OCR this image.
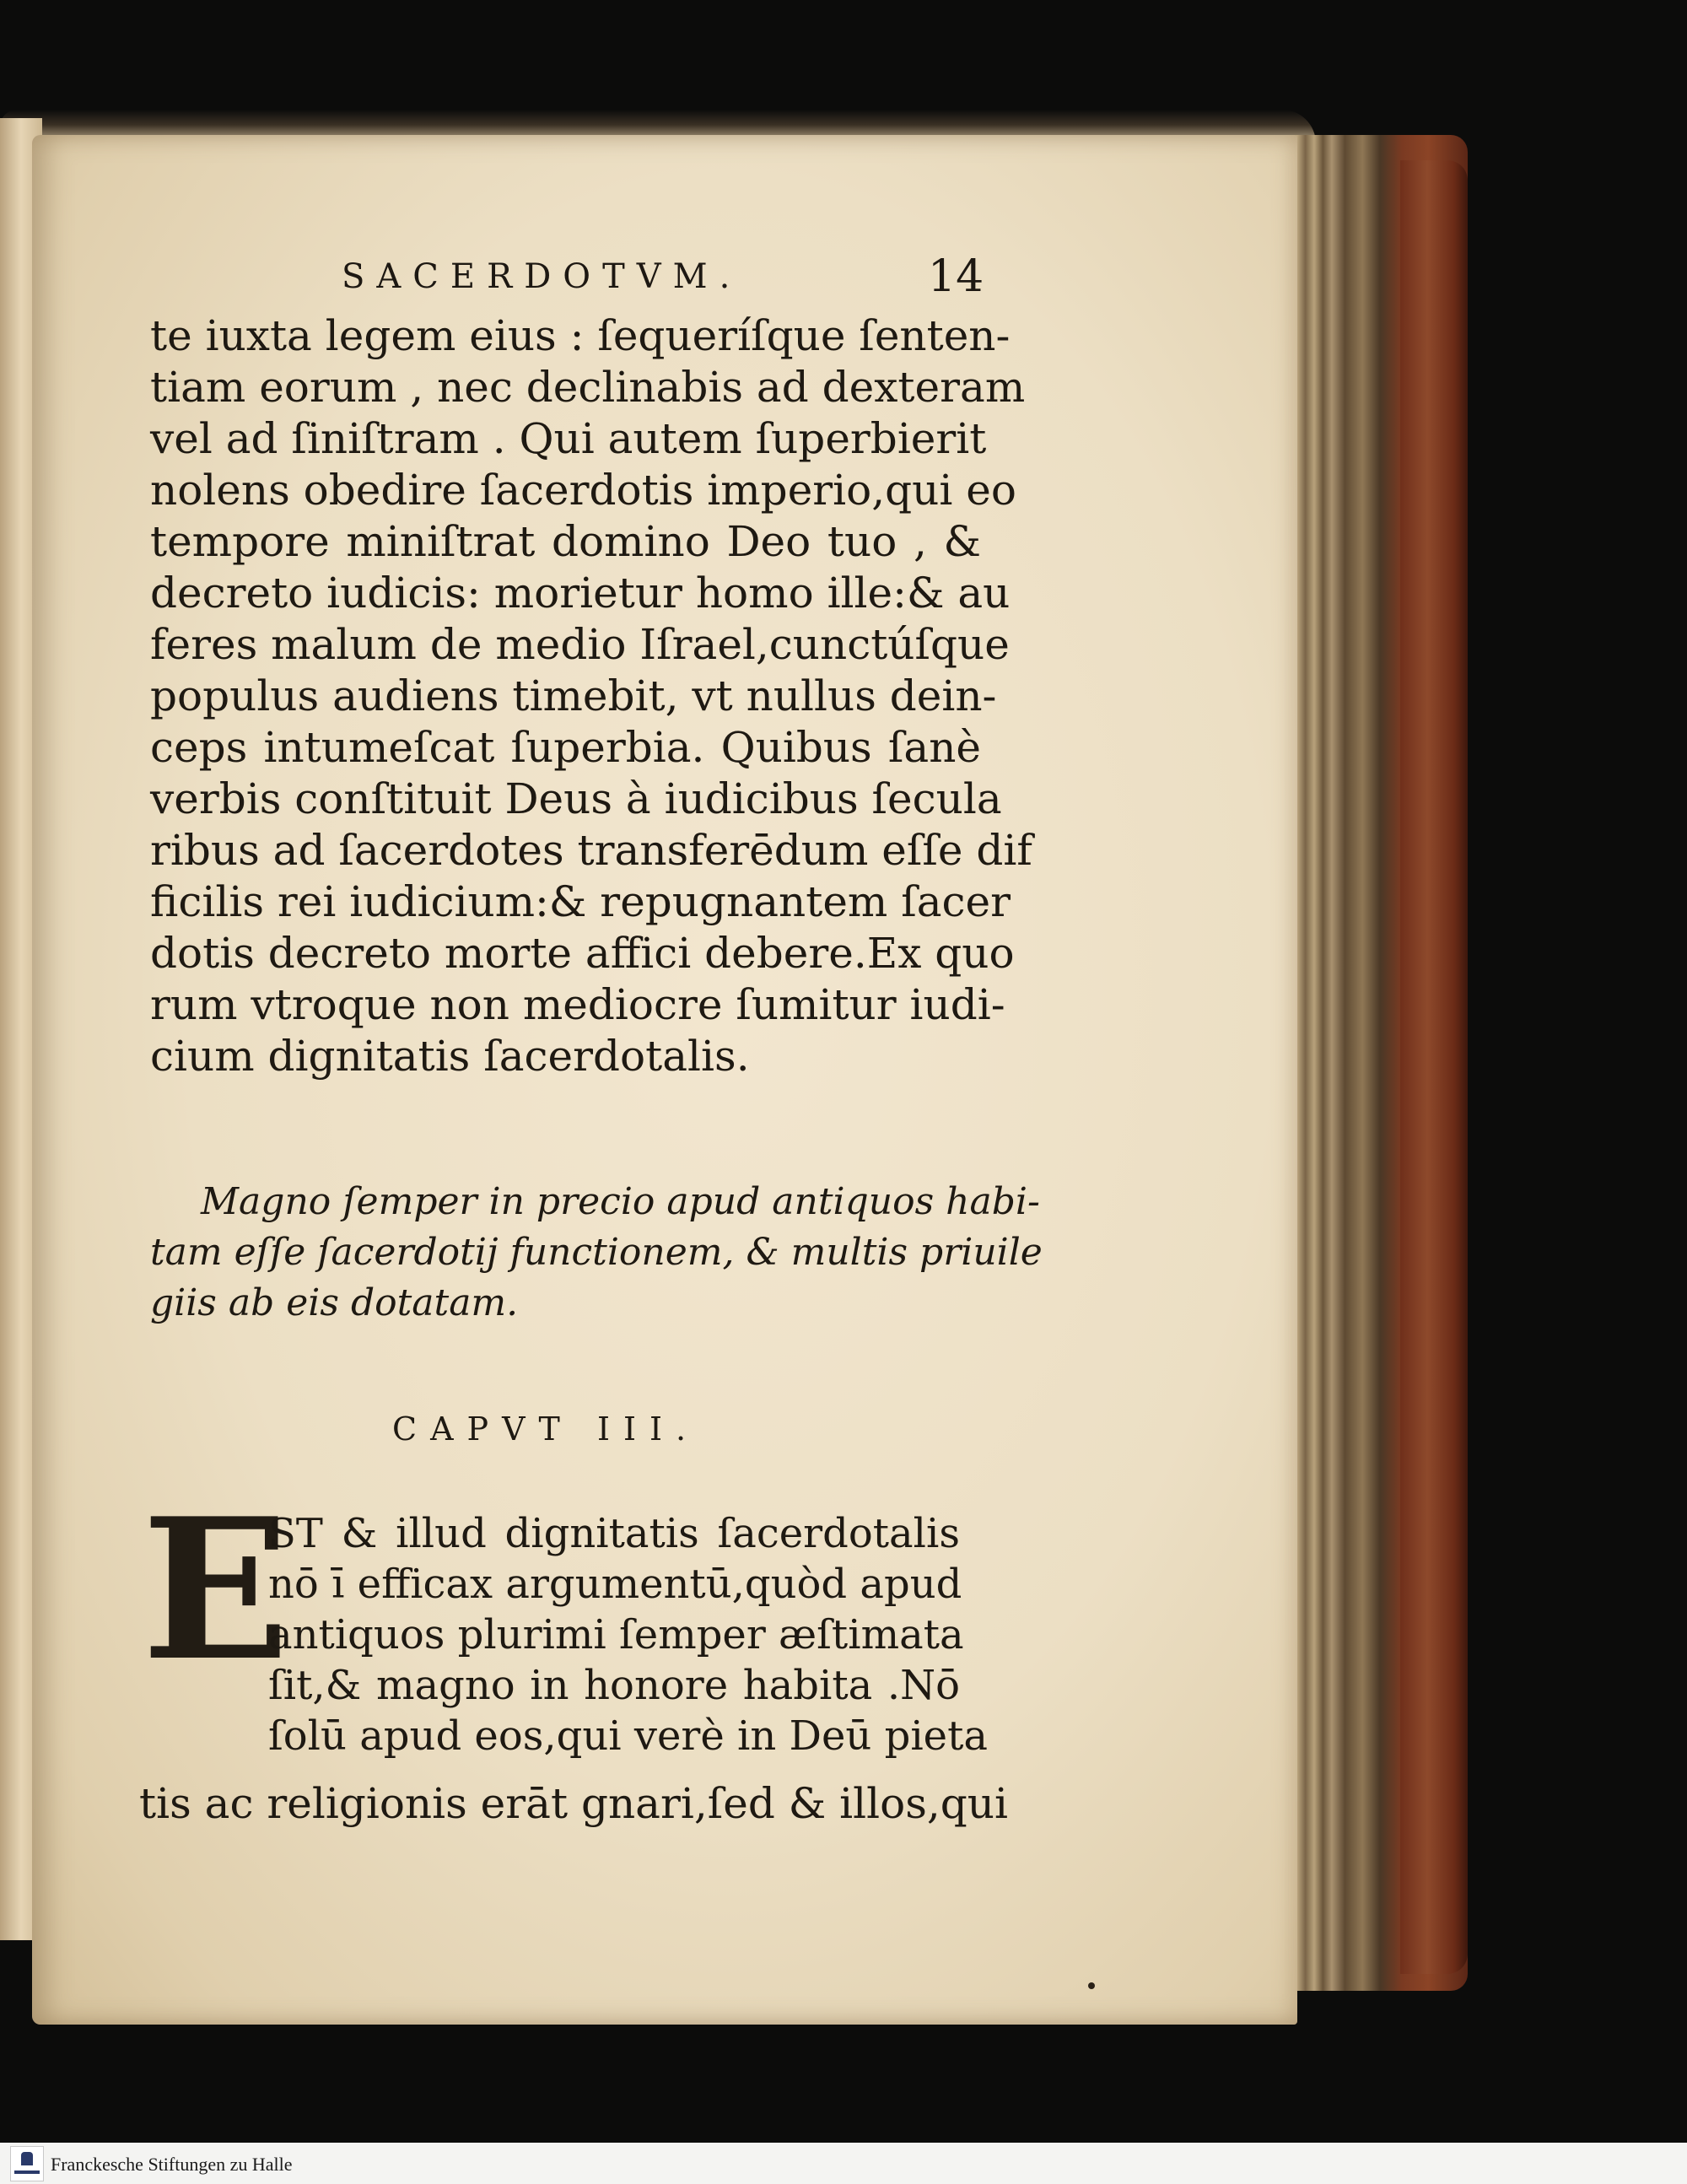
SACERDOTVM.	14
te iuxta legem eius : ſequeríſque ſenten-
tiam eorum , nec declinabis ad dexteram
vel ad ſiniſtram . Qui autem ſuperbierit
nolens obedire ſacerdotis imperio,qui eo
tempore miniſtrat domino Deo tuo , &
decreto iudicis: morietur homo ille:& au
feres malum de medio Iſrael,cunctúſque
populus audiens timebit, vt nullus dein-
ceps intumeſcat ſuperbia. Quibus ſanè
verbis conſtituit Deus à iudicibus ſecula
ribus ad ſacerdotes transferēdum eſſe dif
ficilis rei iudicium:& repugnantem ſacer
dotis decreto morte affici debere.Ex quo
rum vtroque non mediocre ſumitur iudi-
cium dignitatis ſacerdotalis.
Magno ſemper in precio apud antiquos habi-
tam eſſe ſacerdotij functionem, & multis priuile
giis ab eis dotatam.
CAPVT III.
E
ST & illud dignitatis ſacerdotalis
nō ī efficax argumentū,quòd apud
antiquos plurimi ſemper æſtimata
ſit,& magno in honore habita .Nō
ſolū apud eos,qui verè in Deū pieta
tis ac religionis erāt gnari,ſed & illos,qui
Franckesche Stiftungen zu Halle
